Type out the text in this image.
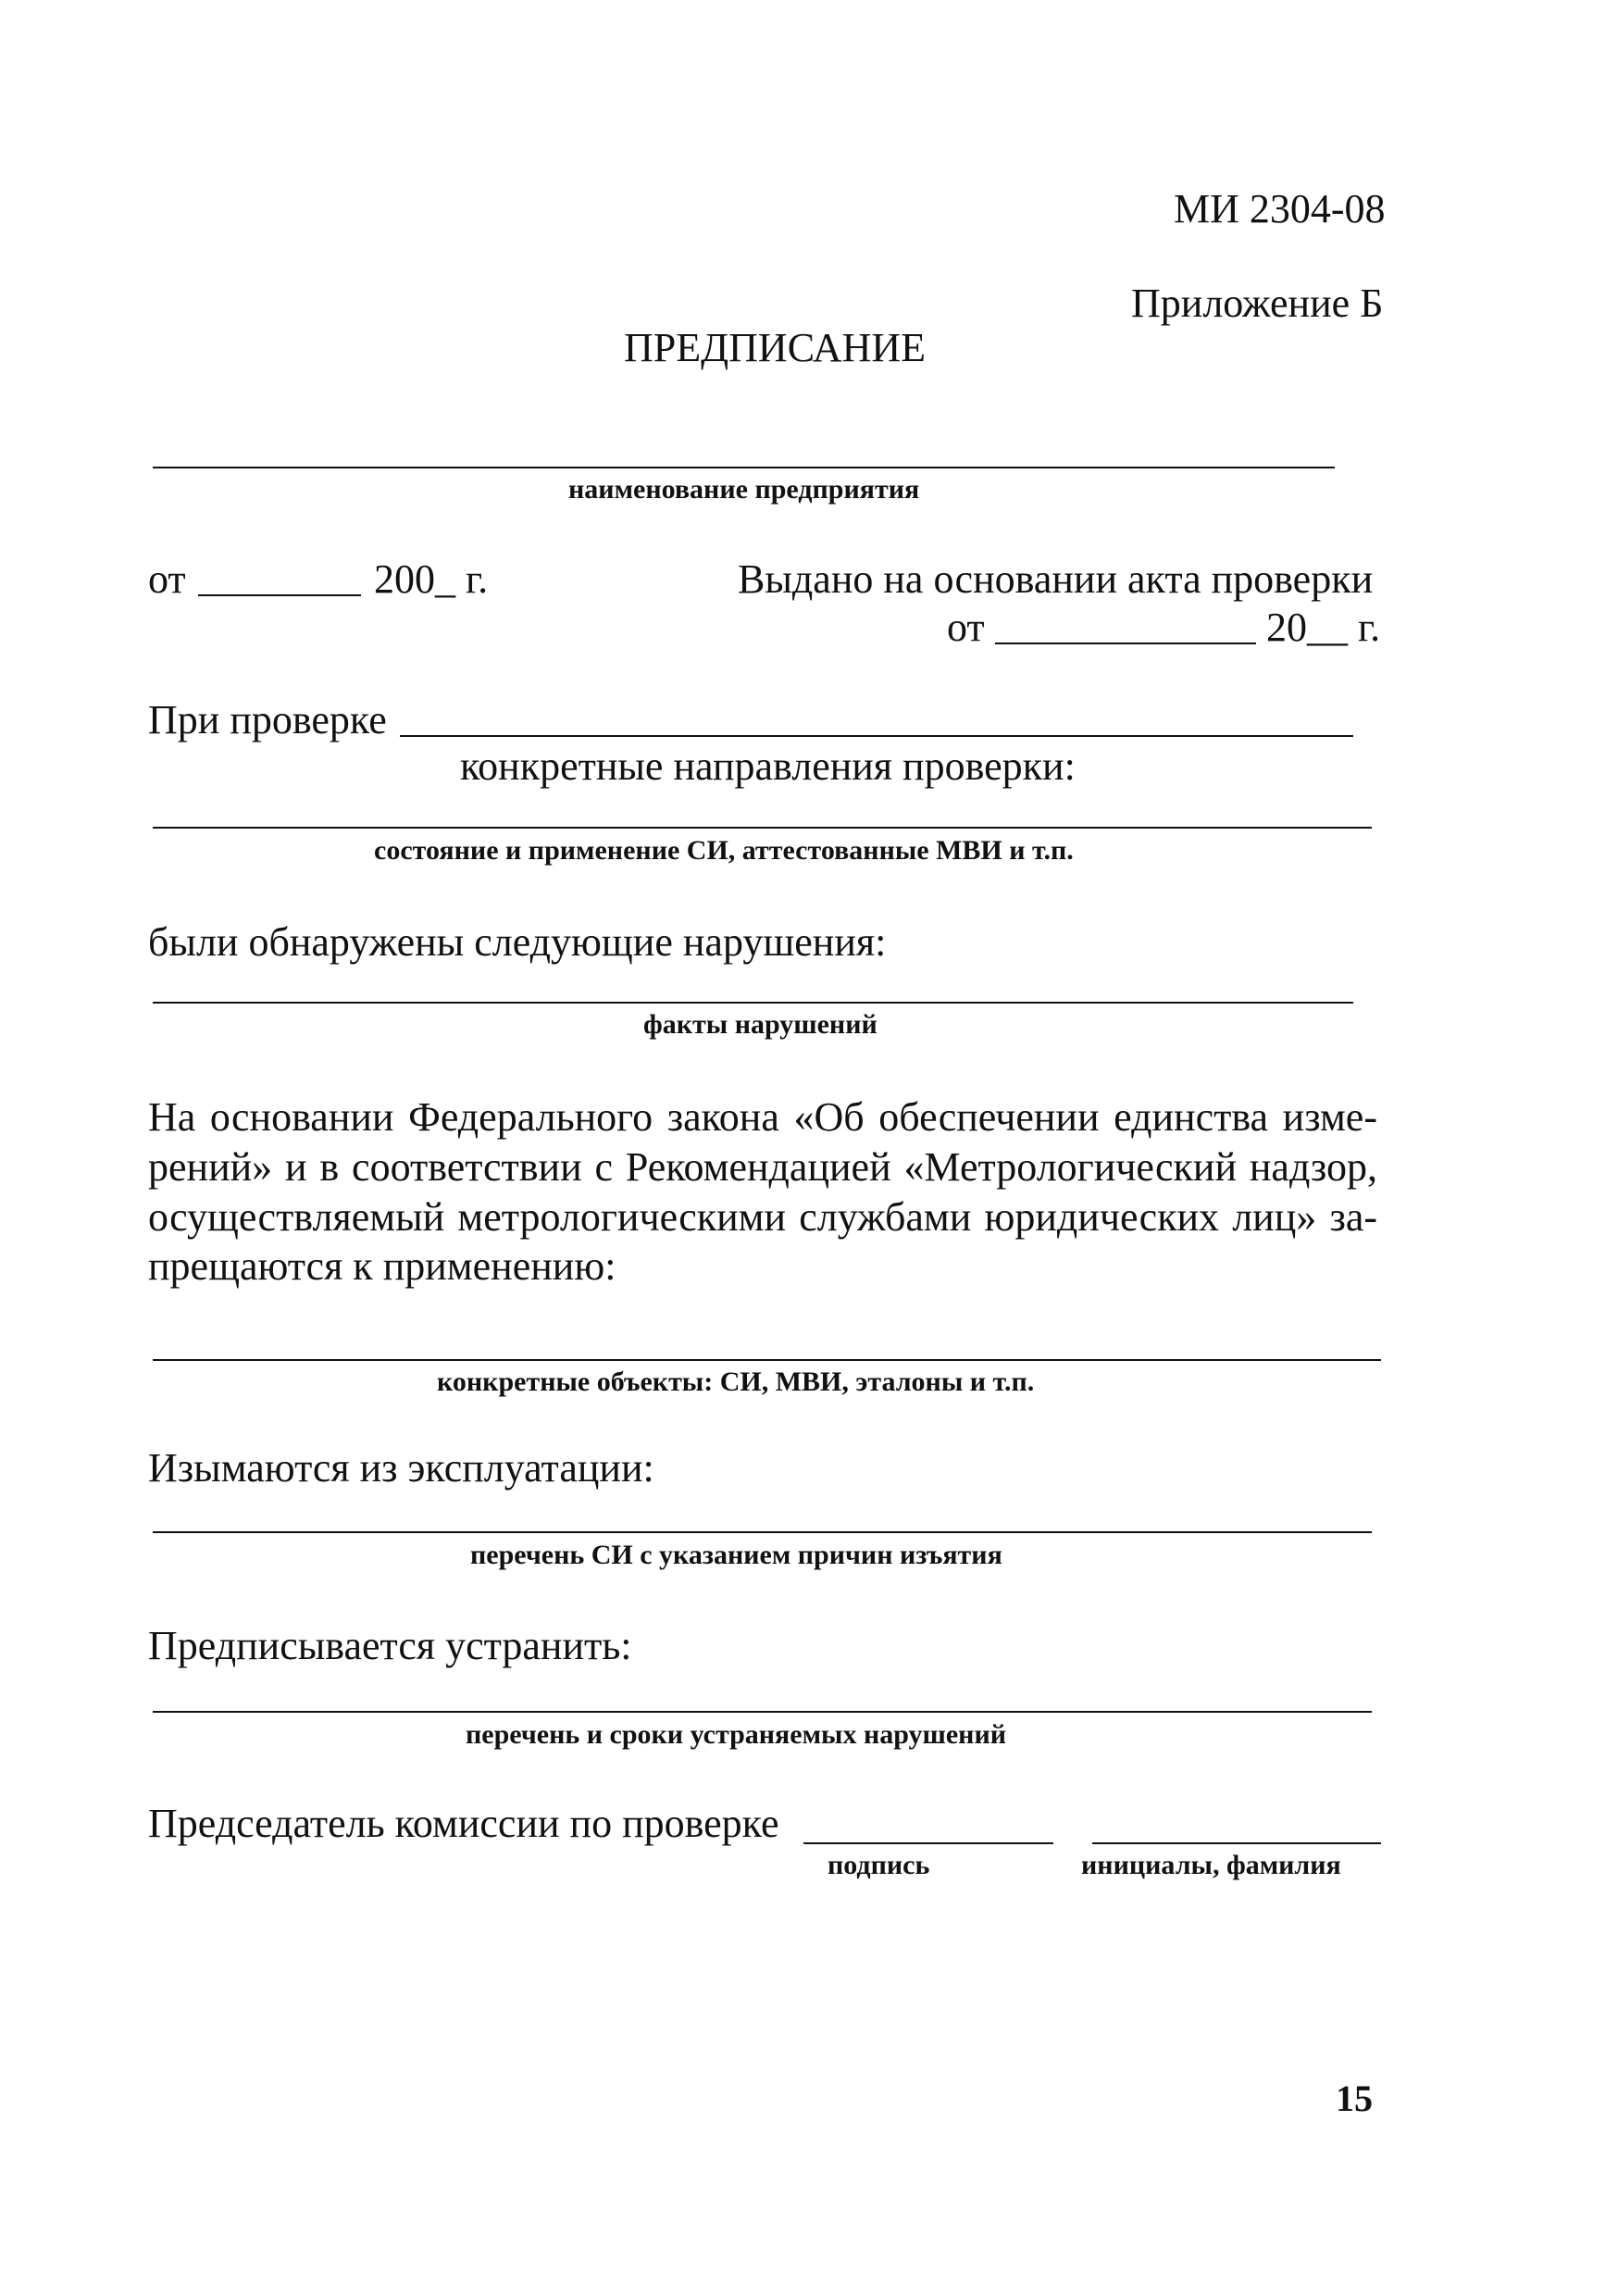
МИ 2304-08
Приложение Б
ПРЕДПИСАНИЕ
наименование предприятия
от	200_ г.	Выдано на основании акта проверки
от	20__ г.
При проверке
конкретные направления проверки:
состояние и применение СИ, аттестованные МВИ и т.п.
были обнаружены следующие нарушения:
факты нарушений
На основании Федерального закона «Об обеспечении единства изме-
рений» и в соответствии с Рекомендацией «Метрологический надзор,
осуществляемый метрологическими службами юридических лиц» за-
прещаются к применению:
конкретные объекты: СИ, МВИ, эталоны и т.п.
Изымаются из эксплуатации:
перечень СИ с указанием причин изъятия
Предписывается устранить:
перечень и сроки устраняемых нарушений
Председатель комиссии по проверке
подпись	инициалы, фамилия
15
